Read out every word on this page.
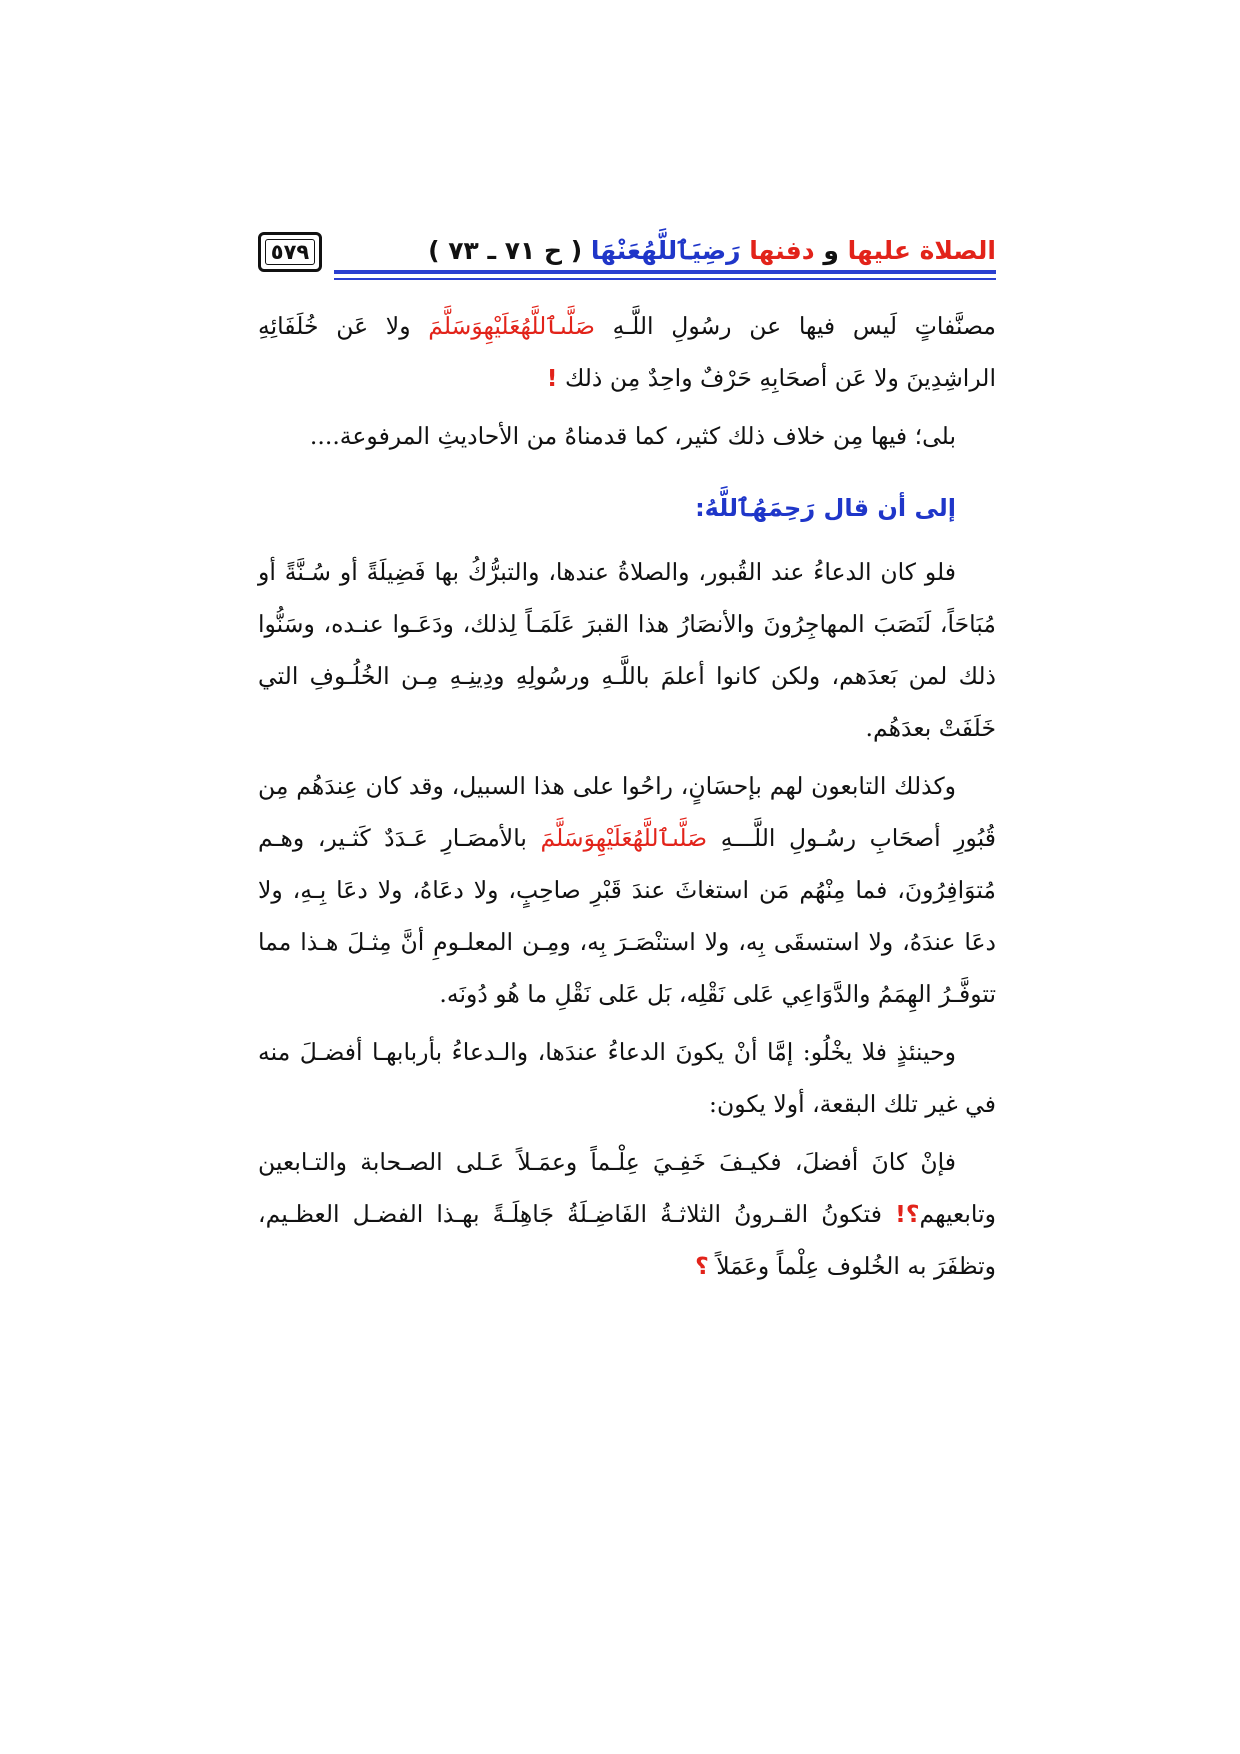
الصلاة عليها و دفنها رَضِيَٱللَّهُعَنْهَا ( ح ٧١ ـ ٧٣ )
٥٧٩

مصنَّفاتٍ لَيس فيها عن رسُولِ اللَّـهِ صَلَّىٱللَّهُعَلَيْهِوَسَلَّمَ ولا عَن خُلَفَائِهِ الراشِدِينَ ولا عَن أصحَابِهِ حَرْفٌ واحِدٌ مِن ذلك !

بلى؛ فيها مِن خلاف ذلك كثير، كما قدمناهُ من الأحاديثِ المرفوعة....

إلى أن قال رَحِمَهُٱللَّهُ:

فلو كان الدعاءُ عند القُبور، والصلاةُ عندها، والتبرُّكُ بها فَضِيلَةً أو سُـنَّةً أو مُبَاحَاً، لَنَصَبَ المهاجِرُونَ والأنصَارُ هذا القبرَ عَلَمَـاً لِذلك، ودَعَـوا عنـده، وسَنُّوا ذلك لمن بَعدَهم، ولكن كانوا أعلمَ باللَّـهِ ورسُولِهِ ودِينِـهِ مِـن الخُلُـوفِ التي خَلَفَتْ بعدَهُم.

وكذلك التابعون لهم بإحسَانٍ، راحُوا على هذا السبيل، وقد كان عِندَهُم مِن قُبُورِ أصحَابِ رسُـولِ اللَّـــهِ صَلَّىٱللَّهُعَلَيْهِوَسَلَّمَ بالأمصَـارِ عَـدَدٌ كَثـير، وهـم مُتوَافِرُونَ، فما مِنْهُم مَن استغاثَ عندَ قَبْرِ صاحِبٍ، ولا دعَاهُ، ولا دعَا بِـهِ، ولا دعَا عندَهُ، ولا استسقَى بِه، ولا استنْصَـرَ بِه، ومِـن المعلـومِ أنَّ مِثـلَ هـذا مما تتوفَّـرُ الهِمَمُ والدَّوَاعِي عَلى نَقْلِه، بَل عَلى نَقْلِ ما هُو دُونَه.

وحينئذٍ فلا يخْلُو: إمَّا أنْ يكونَ الدعاءُ عندَها، والـدعاءُ بأربابهـا أفضـلَ منه في غير تلك البقعة، أولا يكون:

فإنْ كانَ أفضلَ، فكيـفَ خَفِـيَ عِلْـماً وعمَـلاً عَـلى الصـحابة والتـابعين وتابعيهم؟! فتكونُ القـرونُ الثلاثـةُ الفَاضِـلَةُ جَاهِلَـةً بهـذا الفضـل العظـيم، وتظفَرَ به الخُلوف عِلْماً وعَمَلاً ؟
